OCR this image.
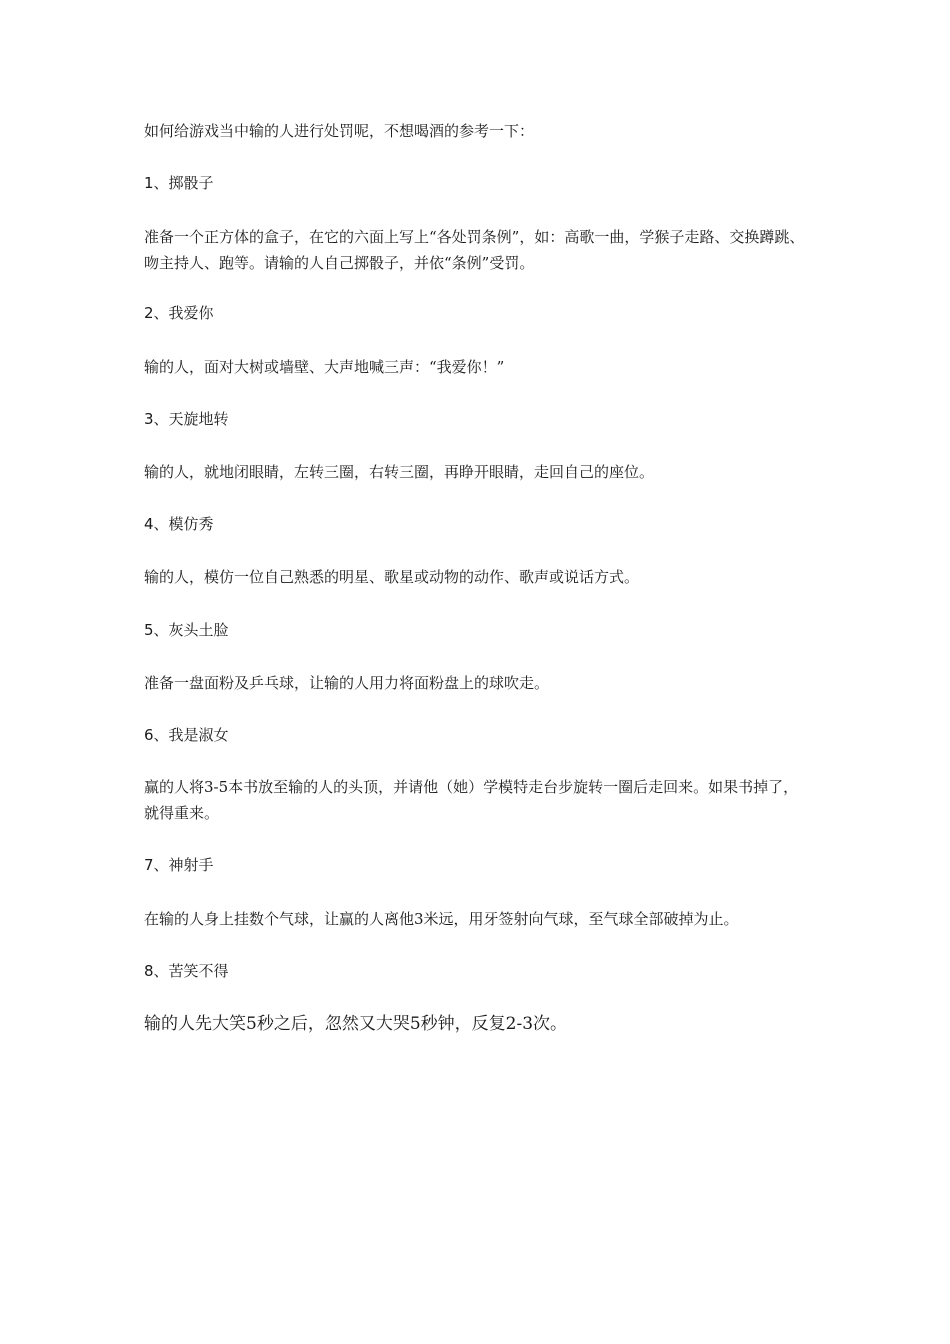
如何给游戏当中输的人进行处罚呢，不想喝酒的参考一下：
1、掷骰子
准备一个正方体的盒子，在它的六面上写上“各处罚条例”，如：高歌一曲，学猴子走路、交换蹲跳、吻主持人、跑等。请输的人自己掷骰子，并依“条例”受罚。
2、我爱你
输的人，面对大树或墙壁、大声地喊三声：“我爱你！”
3、天旋地转
输的人，就地闭眼睛，左转三圈，右转三圈，再睁开眼睛，走回自己的座位。
4、模仿秀
输的人，模仿一位自己熟悉的明星、歌星或动物的动作、歌声或说话方式。
5、灰头土脸
准备一盘面粉及乒乓球，让输的人用力将面粉盘上的球吹走。
6、我是淑女
赢的人将3-5本书放至输的人的头顶，并请他（她）学模特走台步旋转一圈后走回来。如果书掉了，就得重来。
7、神射手
在输的人身上挂数个气球，让赢的人离他3米远，用牙签射向气球，至气球全部破掉为止。
8、苦笑不得
输的人先大笑5秒之后，忽然又大哭5秒钟，反复2-3次。
